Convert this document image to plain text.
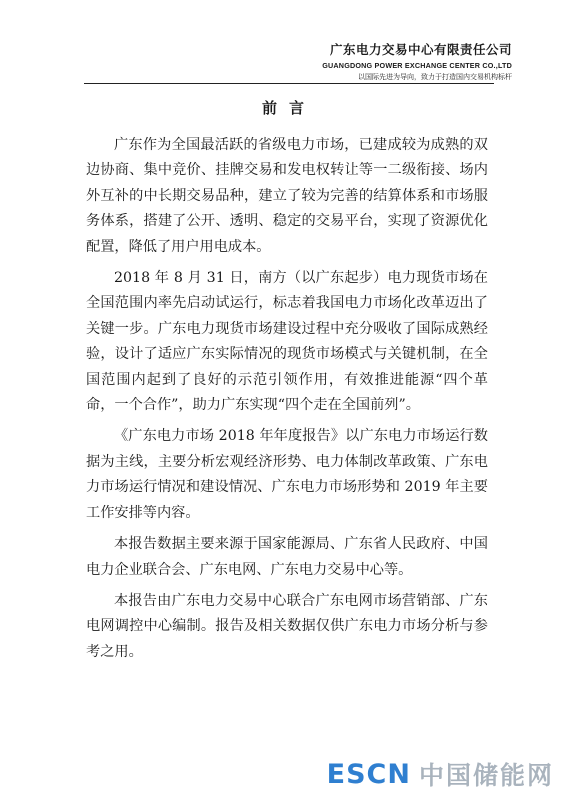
广东电力交易中心有限责任公司
GUANGDONG POWER EXCHANGE CENTER CO.,LTD
以国际先进为导向，致力于打造国内交易机构标杆
前言

广东作为全国最活跃的省级电力市场，已建成较为成熟的双边协商、集中竞价、挂牌交易和发电权转让等一二级衔接、场内外互补的中长期交易品种，建立了较为完善的结算体系和市场服务体系，搭建了公开、透明、稳定的交易平台，实现了资源优化配置，降低了用户用电成本。

2018 年 8 月 31 日，南方（以广东起步）电力现货市场在全国范围内率先启动试运行，标志着我国电力市场化改革迈出了关键一步。广东电力现货市场建设过程中充分吸收了国际成熟经验，设计了适应广东实际情况的现货市场模式与关键机制，在全国范围内起到了良好的示范引领作用，有效推进能源“四个革命，一个合作”，助力广东实现“四个走在全国前列”。

《广东电力市场 2018 年年度报告》以广东电力市场运行数据为主线，主要分析宏观经济形势、电力体制改革政策、广东电力市场运行情况和建设情况、广东电力市场形势和 2019 年主要工作安排等内容。

本报告数据主要来源于国家能源局、广东省人民政府、中国电力企业联合会、广东电网、广东电力交易中心等。

本报告由广东电力交易中心联合广东电网市场营销部、广东电网调控中心编制。报告及相关数据仅供广东电力市场分析与参考之用。

ESCN 中国储能网
